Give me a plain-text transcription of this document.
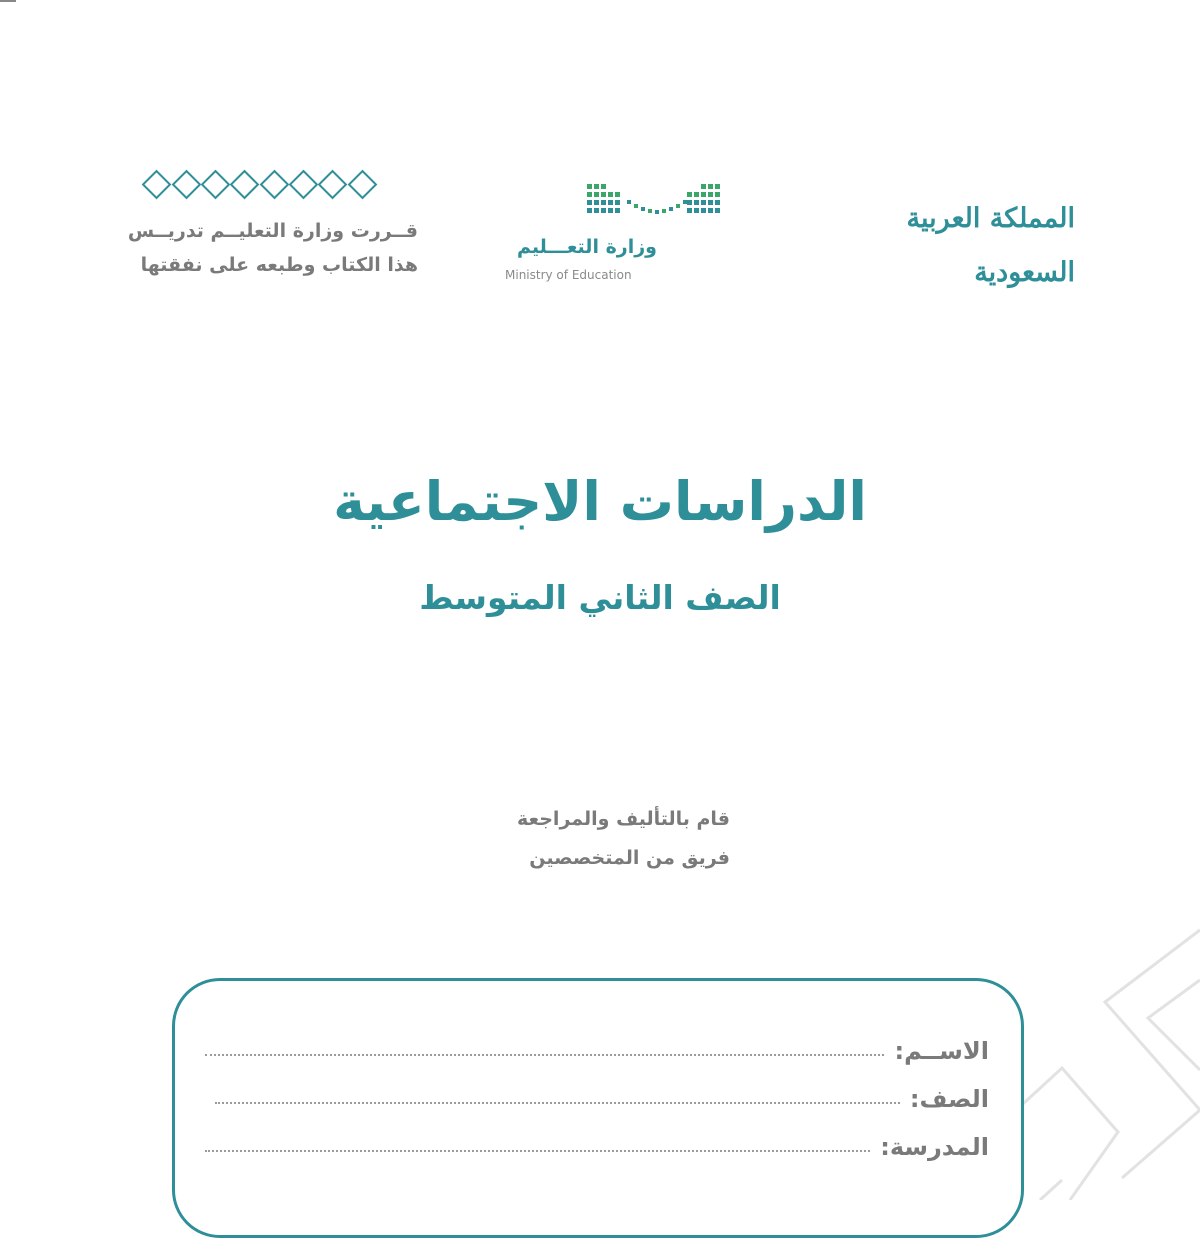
قــررت وزارة التعليــم تدريــس
هذا الكتاب وطبعه على نفقتها
وزارة التعـــليم
Ministry of Education
المملكة العربية السعودية
الدراسات الاجتماعية
الصف الثاني المتوسط
قام بالتأليف والمراجعة
فريق من المتخصصين
الاســم:
الصف:
المدرسة:
